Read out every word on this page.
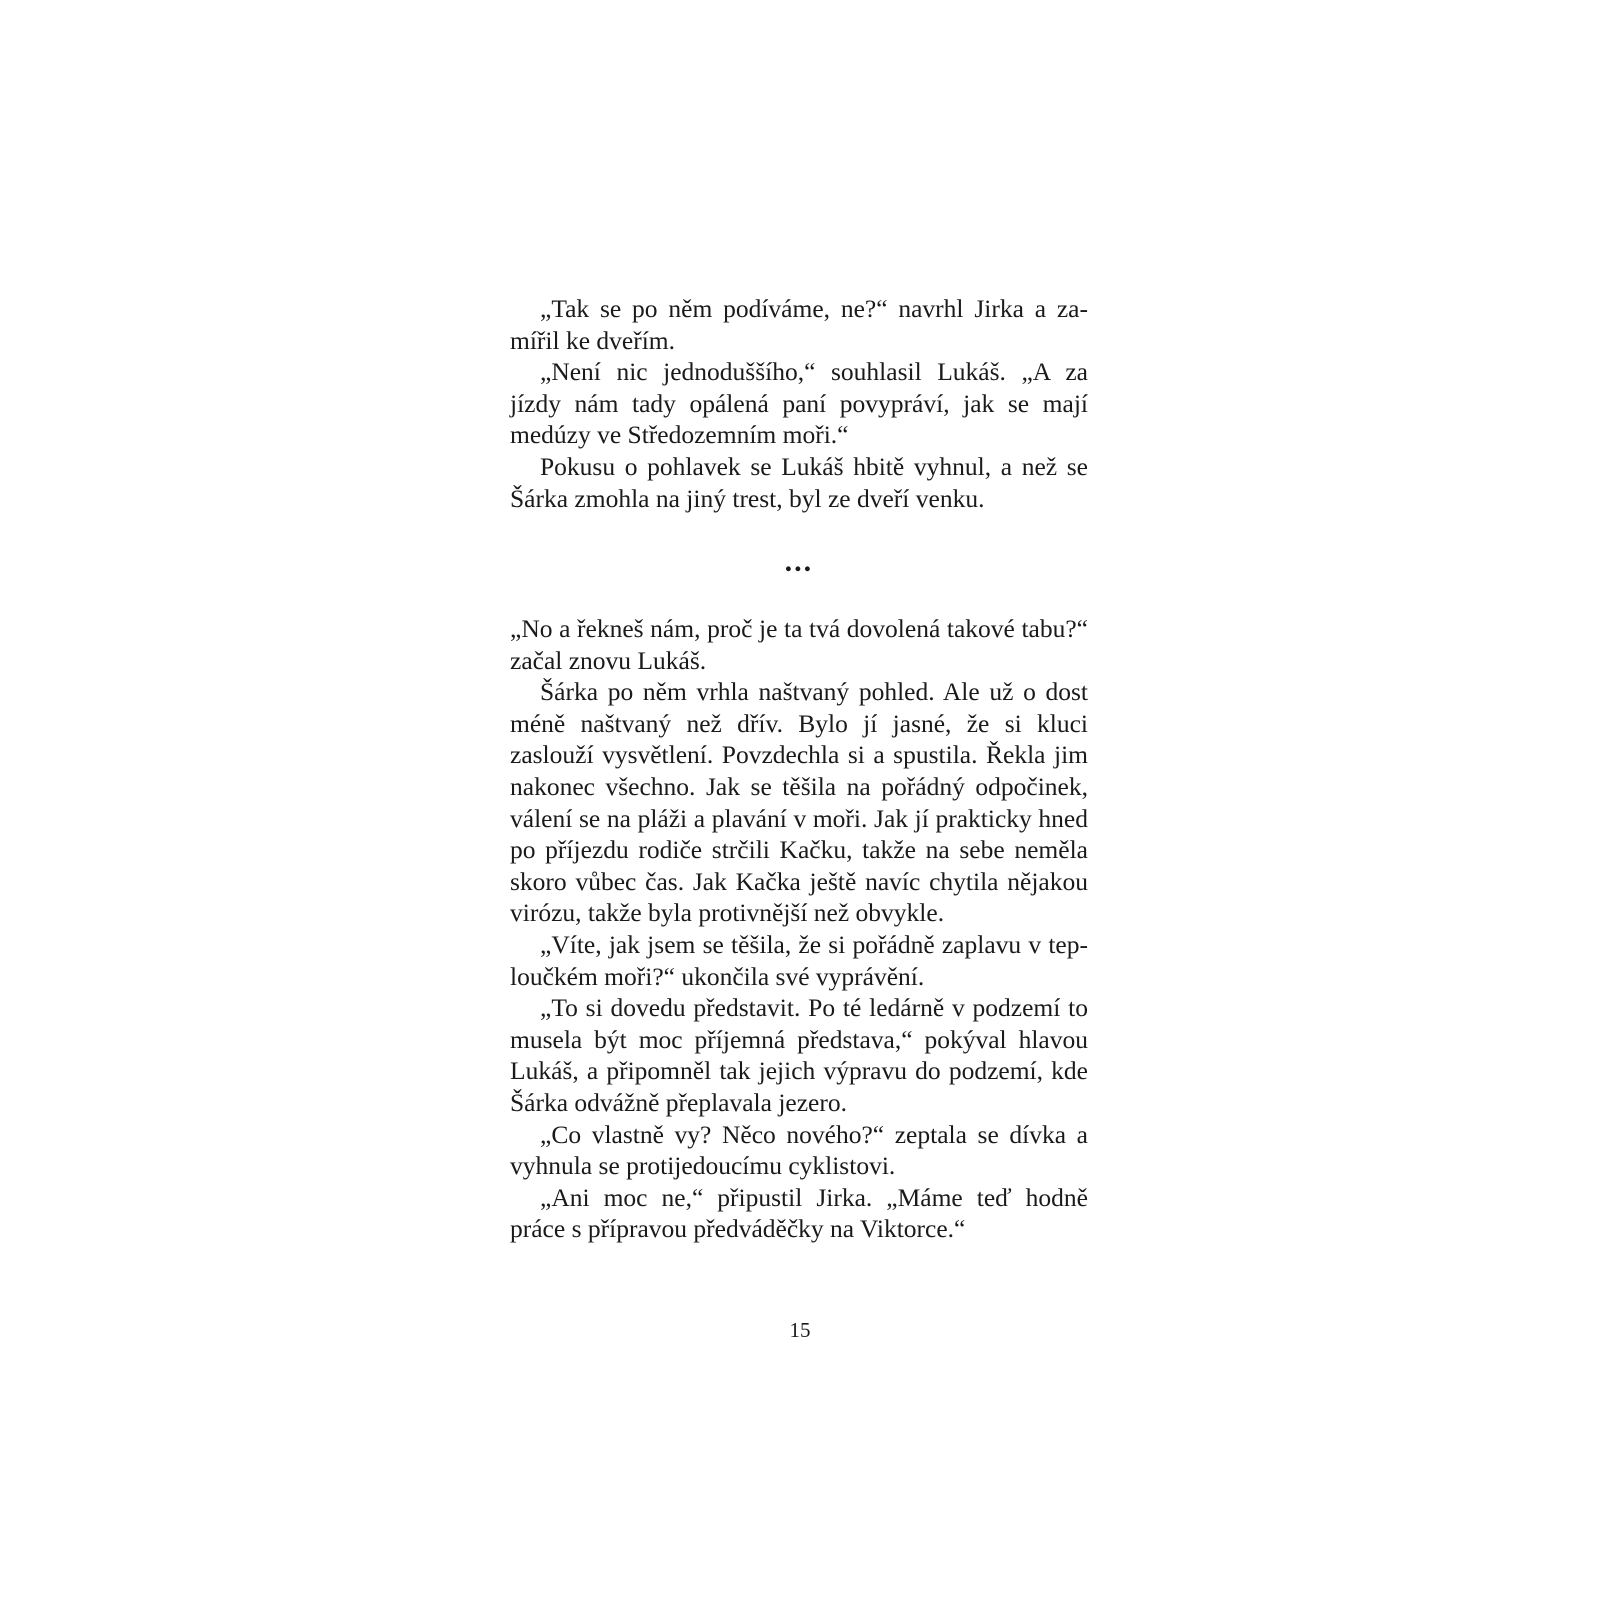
„Tak se po něm podíváme, ne?“ navrhl Jirka a zamířil ke dveřím.

„Není nic jednoduššího,“ souhlasil Lukáš. „A za jízdy nám tady opálená paní povypráví, jak se mají medúzy ve Středozemním moři.“

Pokusu o pohlavek se Lukáš hbitě vyhnul, a než se Šárka zmohla na jiný trest, byl ze dveří venku.

...

„No a řekneš nám, proč je ta tvá dovolená takové tabu?“ začal znovu Lukáš.

Šárka po něm vrhla naštvaný pohled. Ale už o dost méně naštvaný než dřív. Bylo jí jasné, že si kluci zaslouží vysvětlení. Povzdechla si a spustila. Řekla jim nakonec všechno. Jak se těšila na pořádný odpočinek, válení se na pláži a plavání v moři. Jak jí prakticky hned po příjezdu rodiče strčili Kačku, takže na sebe neměla skoro vůbec čas. Jak Kačka ještě navíc chytila nějakou virózu, takže byla protivnější než obvykle.

„Víte, jak jsem se těšila, že si pořádně zaplavu v teploučkém moři?“ ukončila své vyprávění.

„To si dovedu představit. Po té ledárně v podzemí to musela být moc příjemná představa,“ pokýval hlavou Lukáš, a připomněl tak jejich výpravu do podzemí, kde Šárka odvážně přeplavala jezero.

„Co vlastně vy? Něco nového?“ zeptala se dívka a vyhnula se protijedoucímu cyklistovi.

„Ani moc ne,“ připustil Jirka. „Máme teď hodně práce s přípravou předváděčky na Viktorce.“

15
